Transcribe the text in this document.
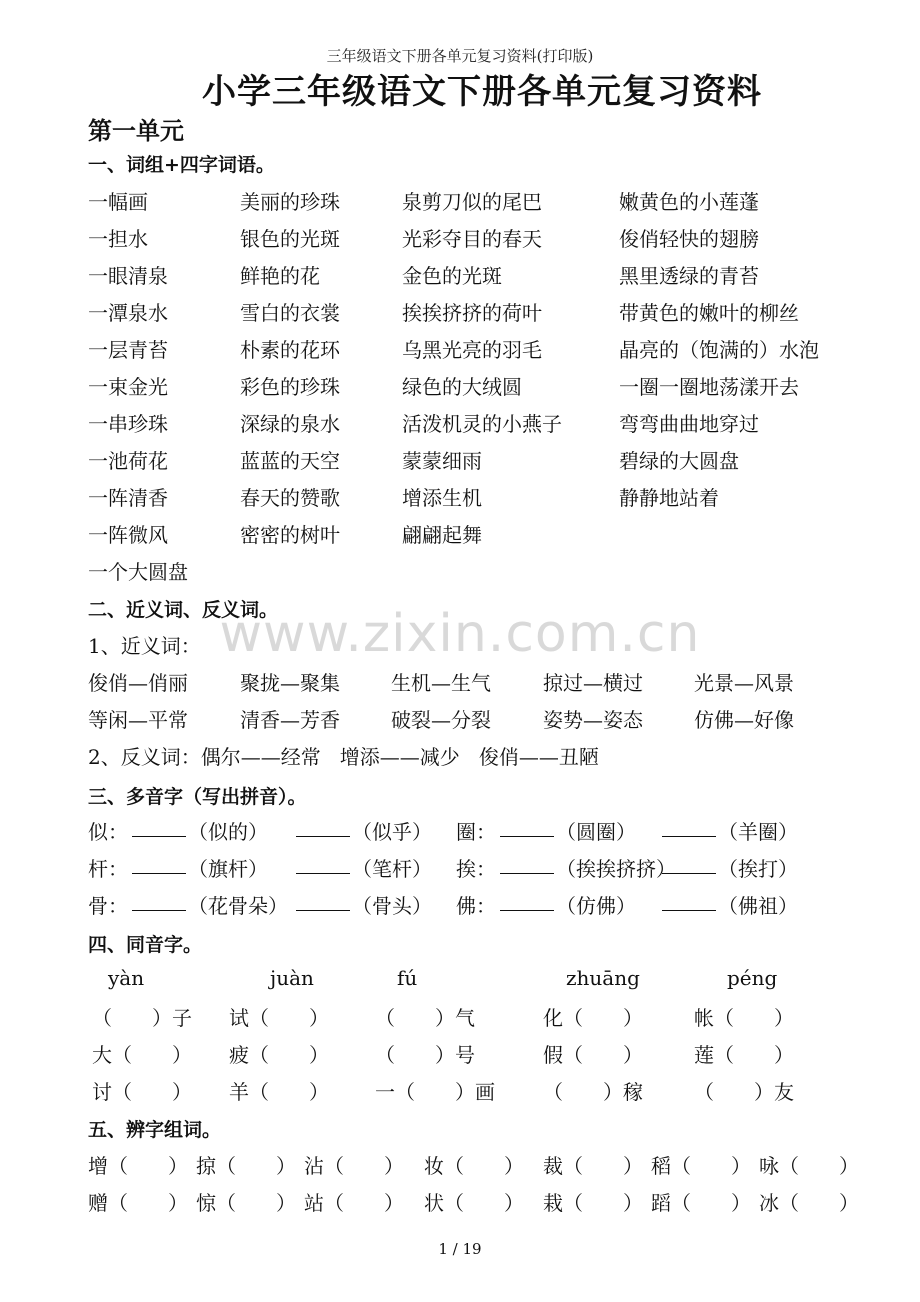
三年级语文下册各单元复习资料(打印版)
小学三年级语文下册各单元复习资料
第一单元
一、词组+四字词语。
一幅画	美丽的珍珠	泉剪刀似的尾巴	嫩黄色的小莲蓬
一担水	银色的光斑	光彩夺目的春天	俊俏轻快的翅膀
一眼清泉	鲜艳的花	金色的光斑	黑里透绿的青苔
一潭泉水	雪白的衣裳	挨挨挤挤的荷叶	带黄色的嫩叶的柳丝
一层青苔	朴素的花环	乌黑光亮的羽毛	晶亮的（饱满的）水泡
一束金光	彩色的珍珠	绿色的大绒圆	一圈一圈地荡漾开去
一串珍珠	深绿的泉水	活泼机灵的小燕子	弯弯曲曲地穿过
一池荷花	蓝蓝的天空	蒙蒙细雨	碧绿的大圆盘
一阵清香	春天的赞歌	增添生机	静静地站着
一阵微风	密密的树叶	翩翩起舞
一个大圆盘
二、近义词、反义词。
1、近义词：
俊俏—俏丽	聚拢—聚集	生机—生气	掠过—横过	光景—风景
等闲—平常	清香—芳香	破裂—分裂	姿势—姿态	仿佛—好像
2、反义词：偶尔——经常   增添——减少   俊俏——丑陋
三、多音字（写出拼音）。
似：	（似的）	（似乎） 圈：	（圆圈）	（羊圈）
杆：	（旗杆）	（笔杆） 挨：	（挨挨挤挤） （挨打）
骨：	（花骨朵）	（骨头） 佛：	（仿佛）	（佛祖）
四、同音字。
yàn	juàn	fú	zhuāng	péng
（　　）子 试（　　） （　　）气	化（　　）	帐（　　）
大（　　） 疲（　　） （　　）号	假（　　）	莲（　　）
讨（　　） 羊（　　） 一（　　）画 （　　）稼	（　　）友
五、辨字组词。
增（　　） 掠（　　） 沾（　　） 妆（　　） 裁（　　） 稻（　　） 咏（　　）
赠（　　） 惊（　　） 站（　　） 状（　　） 栽（　　） 蹈（　　） 冰（　　）
www.zixin.com.cn
1 / 19
